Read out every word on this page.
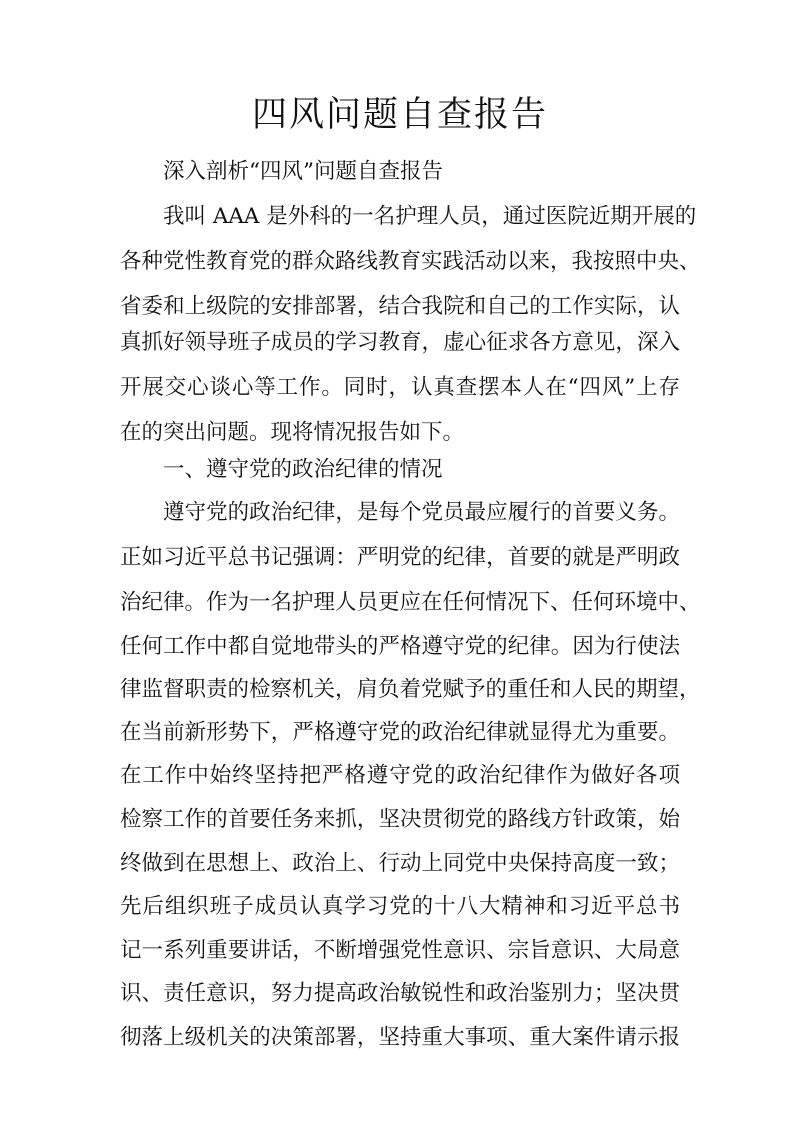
四风问题自查报告
深入剖析“四风”问题自查报告
我叫 AAA 是外科的一名护理人员，通过医院近期开展的
各种党性教育党的群众路线教育实践活动以来，我按照中央、
省委和上级院的安排部署，结合我院和自己的工作实际，认
真抓好领导班子成员的学习教育，虚心征求各方意见，深入
开展交心谈心等工作。同时，认真查摆本人在“四风”上存
在的突出问题。现将情况报告如下。
一、遵守党的政治纪律的情况
遵守党的政治纪律，是每个党员最应履行的首要义务。
正如习近平总书记强调：严明党的纪律，首要的就是严明政
治纪律。作为一名护理人员更应在任何情况下、任何环境中、
任何工作中都自觉地带头的严格遵守党的纪律。因为行使法
律监督职责的检察机关，肩负着党赋予的重任和人民的期望，
在当前新形势下，严格遵守党的政治纪律就显得尤为重要。
在工作中始终坚持把严格遵守党的政治纪律作为做好各项
检察工作的首要任务来抓，坚决贯彻党的路线方针政策，始
终做到在思想上、政治上、行动上同党中央保持高度一致；
先后组织班子成员认真学习党的十八大精神和习近平总书
记一系列重要讲话，不断增强党性意识、宗旨意识、大局意
识、责任意识，努力提高政治敏锐性和政治鉴别力；坚决贯
彻落上级机关的决策部署，坚持重大事项、重大案件请示报
